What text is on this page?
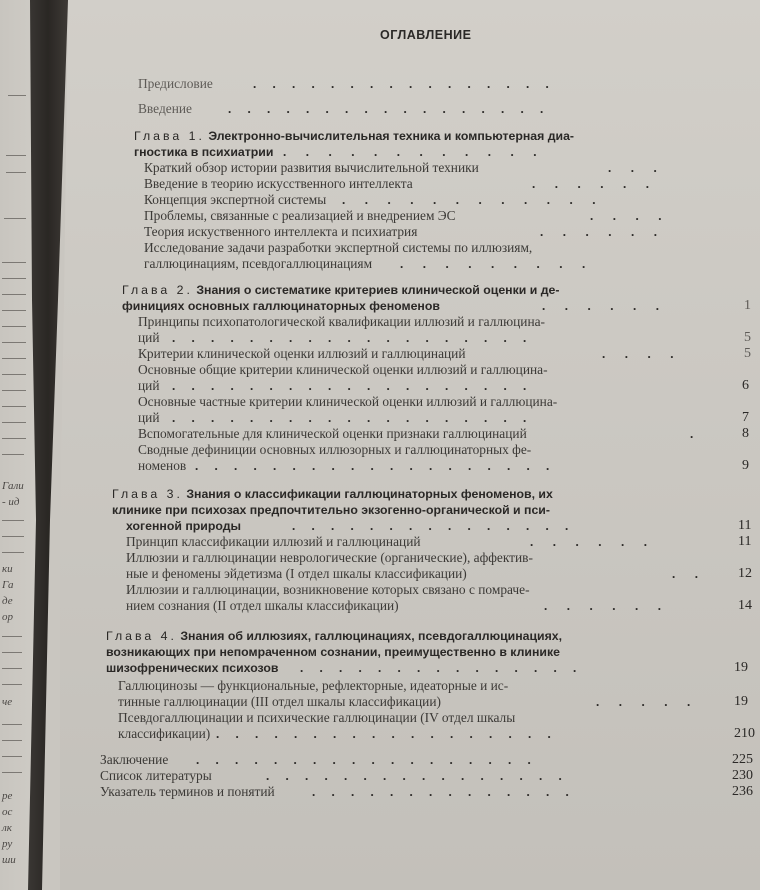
Гали
- ид
ки
Га
де
ор
че
ре
ос
лк
ру
ши
ОГЛАВЛЕНИЕ
Предисловие	.     .     .     .     .     .     .     .     .     .     .     .     .     .     .     .
Введение	.     .     .     .     .     .     .     .     .     .     .     .     .     .     .     .     .
Глава 1. Электронно-вычислительная техника и компьютерная диа-
гностика в психиатрии .      .      .      .      .      .      .      .      .      .      .      .
Краткий обзор истории развития вычислительной техники	.      .      .
Введение в теорию искусственного интеллекта	.      .      .      .      .      .
Концепция экспертной системы .      .      .      .      .      .      .      .      .      .      .      .
Проблемы, связанные с реализацией и внедрением ЭС	.      .      .      .
Теория искуственного интеллекта и психиатрия	.      .      .      .      .      .
Исследование задачи разработки экспертной системы по иллюзиям,
галлюцинациям, псевдогаллюцинациям .      .      .      .      .      .      .      .      .
Глава 2. Знания о систематике критериев клинической оценки и де-
финициях основных галлюцинаторных феноменов	.      .      .      .      .      .	1
Принципы психопатологической квалификации иллюзий и галлюцина-
ций .     .     .     .     .     .     .     .     .     .     .     .     .     .     .     .     .     .     .	5
Критерии клинической оценки иллюзий и галлюцинаций	.      .      .      .	5
Основные общие критерии клинической оценки иллюзий и галлюцина-
ций .     .     .     .     .     .     .     .     .     .     .     .     .     .     .     .     .     .     .	6
Основные частные критерии клинической оценки иллюзий и галлюцина-
ций .     .     .     .     .     .     .     .     .     .     .     .     .     .     .     .     .     .     .	7
Вспомогательные для клинической оценки признаки галлюцинаций	.	8
Сводные дефиниции основных иллюзорных и галлюцинаторных фе-
номенов .     .     .     .     .     .     .     .     .     .     .     .     .     .     .     .     .     .     .	9
Глава 3. Знания о классификации галлюцинаторных феноменов, их
клинике при психозах предпочтительно экзогенно-органической и пси-
хогенной природы	.     .     .     .     .     .     .     .     .     .     .     .     .     .     .	11
Принцип классификации иллюзий и галлюцинаций	.      .      .      .      .      .	11
Иллюзии и галлюцинации неврологические (органические), аффектив-
ные и феномены эйдетизма (I отдел шкалы классификации)	.      .	12
Иллюзии и галлюцинации, возникновение которых связано с помраче-
нием сознания (II отдел шкалы классификации)	.      .      .      .      .      .	14
Глава 4. Знания об иллюзиях, галлюцинациях, псевдогаллюцинациях,
возникающих при непомраченном сознании, преимущественно в клинике
шизофренических психозов .     .     .     .     .     .     .     .     .     .     .     .     .     .     .	19
Галлюцинозы — функциональные, рефлекторные, идеаторные и ис-
тинные галлюцинации (III отдел шкалы классификации)	.      .      .      .      .	19
Псевдогаллюцинации и психические галлюцинации (IV отдел шкалы
классификации) .     .     .     .     .     .     .     .     .     .     .     .     .     .     .     .     .     .	210
Заключение .     .     .     .     .     .     .     .     .     .     .     .     .     .     .     .     .     .	225
Список литературы	.     .     .     .     .     .     .     .     .     .     .     .     .     .     .     .	230
Указатель терминов и понятий	.     .     .     .     .     .     .     .     .     .     .     .     .     .	236
